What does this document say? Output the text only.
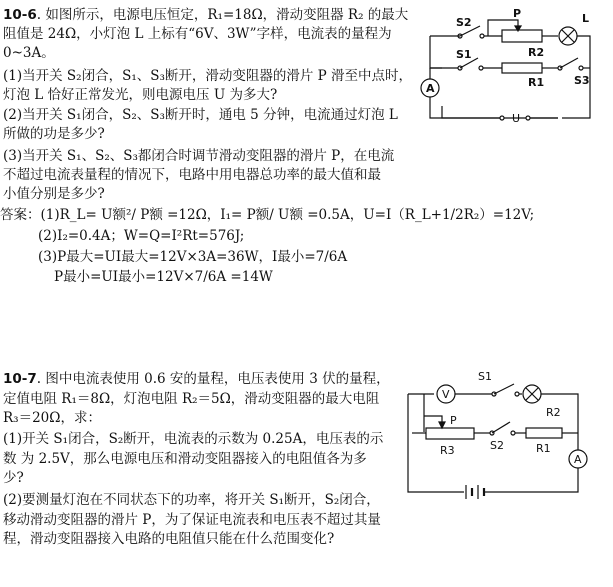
10-6. 如图所示，电源电压恒定，R₁=18Ω，滑动变阻器 R₂ 的最大
阻值是 24Ω，小灯泡 L 上标有“6V、3W”字样，电流表的量程为
0~3A。
(1)当开关 S₂闭合，S₁、S₃断开，滑动变阻器的滑片 P 滑至中点时，
灯泡 L 恰好正常发光，则电源电压 U 为多大?
(2)当开关 S₁闭合，S₂、S₃断开时，通电 5 分钟，电流通过灯泡 L
所做的功是多少?
(3)当开关 S₁、S₂、S₃都闭合时调节滑动变阻器的滑片 P，在电流
不超过电流表量程的情况下，电路中用电器总功率的最大值和最
小值分别是多少?
答案：(1)R_L= U额²/ P额 =12Ω，I₁= P额/ U额 =0.5A，U=I（R_L+1/2R₂）=12V;
(2)I₂=0.4A；W=Q=I²Rt=576J;
(3)P最大=UI最大=12V×3A=36W，I最小=7/6A
P最小=UI最小=12V×7/6A =14W
S2
P	L
S1	R2
R1	S3
A
U
10-7. 图中电流表使用 0.6 安的量程，电压表使用 3 伏的量程，
定值电阻 R₁＝8Ω，灯泡电阻 R₂＝5Ω，滑动变阻器的最大电阻
R₃＝20Ω，求：
(1)开关 S₁闭合，S₂断开，电流表的示数为 0.25A，电压表的示
数 为 2.5V，那么电源电压和滑动变阻器接入的电阻值各为多
少?
(2)要测量灯泡在不同状态下的功率，将开关 S₁断开，S₂闭合，
移动滑动变阻器的滑片 P，为了保证电流表和电压表不超过其量
程，滑动变阻器接入电路的电阻值只能在什么范围变化?
V
S1
R2
P
R3	S2	R1
A
